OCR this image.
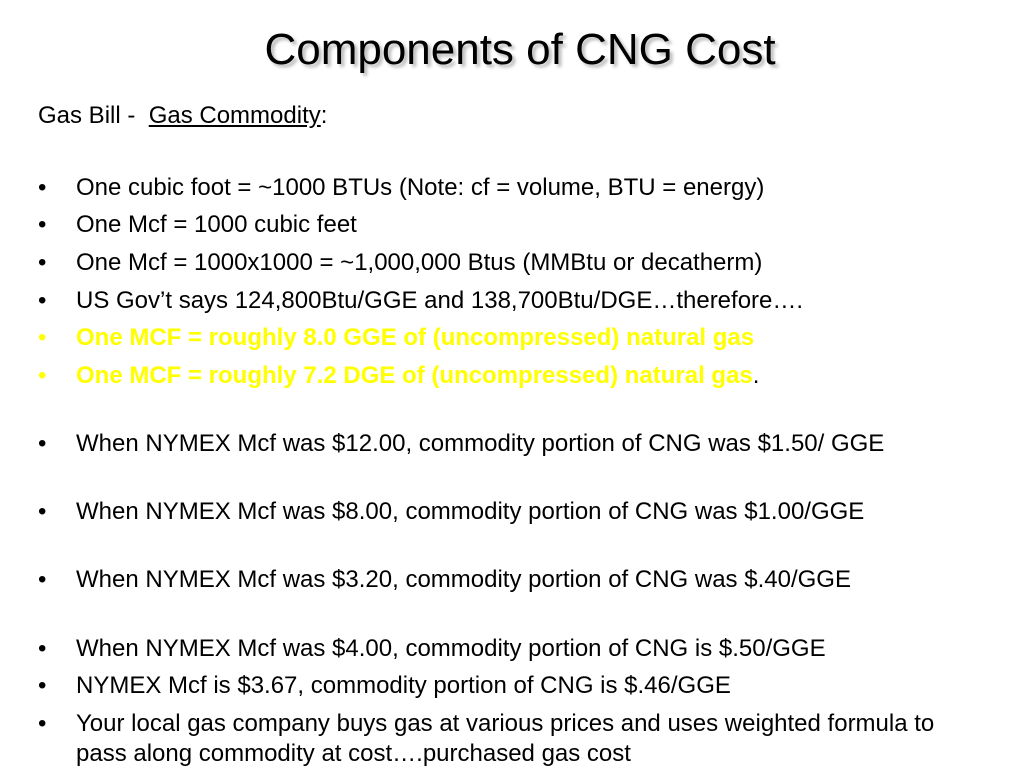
Components of CNG Cost
Gas Bill -  Gas Commodity:
•	One cubic foot = ~1000 BTUs (Note: cf = volume, BTU = energy)
•	One Mcf = 1000 cubic feet
•	One Mcf = 1000x1000 = ~1,000,000 Btus (MMBtu or decatherm)
•	US Gov’t says 124,800Btu/GGE and 138,700Btu/DGE…therefore….
•	One MCF = roughly 8.0 GGE of (uncompressed) natural gas
•	One MCF = roughly 7.2 DGE of (uncompressed) natural gas.
•	When NYMEX Mcf was $12.00, commodity portion of CNG was $1.50/ GGE
•	When NYMEX Mcf was $8.00, commodity portion of CNG was $1.00/GGE
•	When NYMEX Mcf was $3.20, commodity portion of CNG was $.40/GGE
•	When NYMEX Mcf was $4.00, commodity portion of CNG is $.50/GGE
•	NYMEX Mcf is $3.67, commodity portion of CNG is $.46/GGE
•	Your local gas company buys gas at various prices and uses weighted formula to pass along commodity at cost….purchased gas cost
